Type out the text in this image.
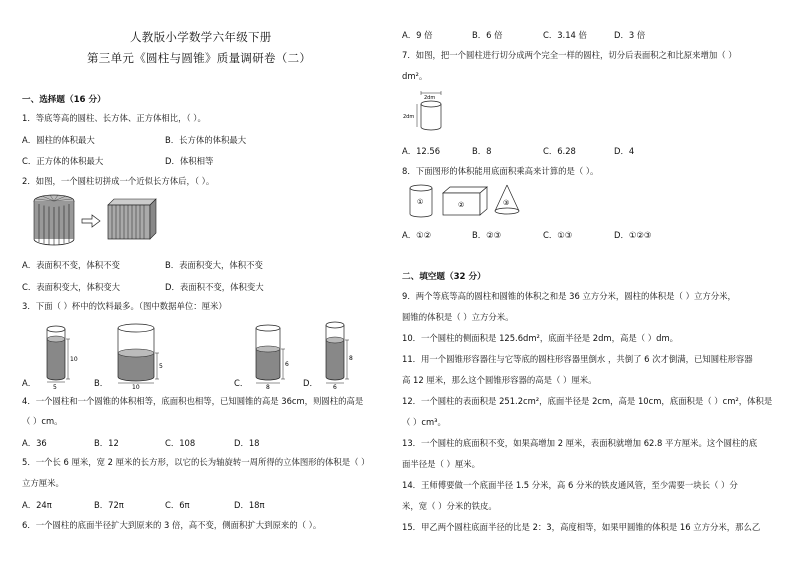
人教版小学数学六年级下册
第三单元《圆柱与圆锥》质量调研卷（二）
一、选择题（16 分）
1．等底等高的圆柱、长方体、正方体相比，（ ）。
A．圆柱的体积最大	B．长方体的体积最大
C．正方体的体积最大	D．体积相等
2．如图，一个圆柱切拼成一个近似长方体后，（ ）。
A．表面积不变，体积不变	B．表面积变大，体积不变
C．表面积变大，体积变大	D．表面积不变，体积变大
3．下面（ ）杯中的饮料最多。（图中数据单位：厘米）
A．
10
5	B．
5
10	C．
6
8	D．
8
6
4．一个圆柱和一个圆锥的体积相等，底面积也相等，已知圆锥的高是 36cm，则圆柱的高是
（ ）cm。
A．36	B．12	C．108	D．18
5．一个长 6 厘米，宽 2 厘米的长方形，以它的长为轴旋转一周所得的立体图形的体积是（ ）
立方厘米。
A．24π	B．72π	C．6π	D．18π
6．一个圆柱的底面半径扩大到原来的 3 倍，高不变，侧面积扩大到原来的（ ）。
A．9 倍	B．6 倍	C．3.14 倍	D．3 倍
7．如图，把一个圆柱进行切分成两个完全一样的圆柱，切分后表面积之和比原来增加（ ）
dm²。
2dm
2dm
A．12.56	B．8	C．6.28	D．4
8．下面图形的体积能用底面积乘高来计算的是（ ）。
①	②	③
A．①②	B．②③	C．①③	D．①②③
二、填空题（32 分）
9．两个等底等高的圆柱和圆锥的体积之和是 36 立方分米，圆柱的体积是（ ）立方分米，
圆锥的体积是（ ）立方分米。
10．一个圆柱的侧面积是 125.6dm²，底面半径是 2dm，高是（ ）dm。
11．用一个圆锥形容器往与它等底的圆柱形容器里倒水 ，共倒了 6 次才倒满，已知圆柱形容器
高 12 厘米，那么这个圆锥形容器的高是（ ）厘米。
12．一个圆柱的表面积是 251.2cm²，底面半径是 2cm，高是 10cm，底面积是（ ）cm²，体积是
（ ）cm³。
13．一个圆柱的底面积不变，如果高增加 2 厘米，表面积就增加 62.8 平方厘米。这个圆柱的底
面半径是（ ）厘米。
14．王师傅要做一个底面半径 1.5 分米，高 6 分米的铁皮通风管，至少需要一块长（ ）分
米，宽（ ）分米的铁皮。
15．甲乙两个圆柱底面半径的比是 2：3，高度相等，如果甲圆锥的体积是 16 立方分米，那么乙
